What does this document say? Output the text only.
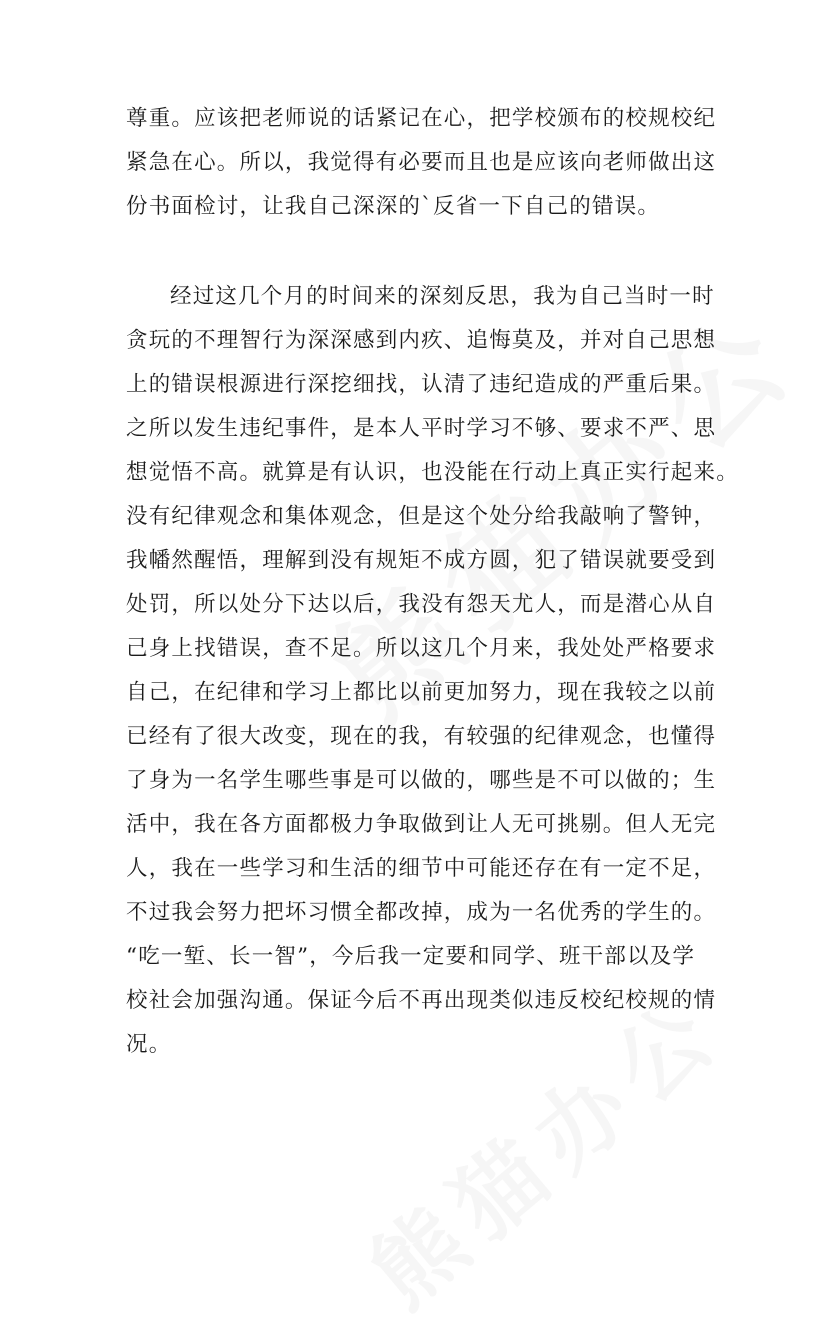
尊重。应该把老师说的话紧记在心，把学校颁布的校规校纪
紧急在心。所以，我觉得有必要而且也是应该向老师做出这
份书面检讨，让我自己深深的`反省一下自己的错误。

经过这几个月的时间来的深刻反思，我为自己当时一时
贪玩的不理智行为深深感到内疚、追悔莫及，并对自己思想
上的错误根源进行深挖细找，认清了违纪造成的严重后果。
之所以发生违纪事件，是本人平时学习不够、要求不严、思
想觉悟不高。就算是有认识，也没能在行动上真正实行起来。
没有纪律观念和集体观念，但是这个处分给我敲响了警钟，
我幡然醒悟，理解到没有规矩不成方圆，犯了错误就要受到
处罚，所以处分下达以后，我没有怨天尤人，而是潜心从自
己身上找错误，查不足。所以这几个月来，我处处严格要求
自己，在纪律和学习上都比以前更加努力，现在我较之以前
已经有了很大改变，现在的我，有较强的纪律观念，也懂得
了身为一名学生哪些事是可以做的，哪些是不可以做的；生
活中，我在各方面都极力争取做到让人无可挑剔。但人无完
人，我在一些学习和生活的细节中可能还存在有一定不足，
不过我会努力把坏习惯全都改掉，成为一名优秀的学生的。
“吃一堑、长一智”，今后我一定要和同学、班干部以及学
校社会加强沟通。保证今后不再出现类似违反校纪校规的情
况。
